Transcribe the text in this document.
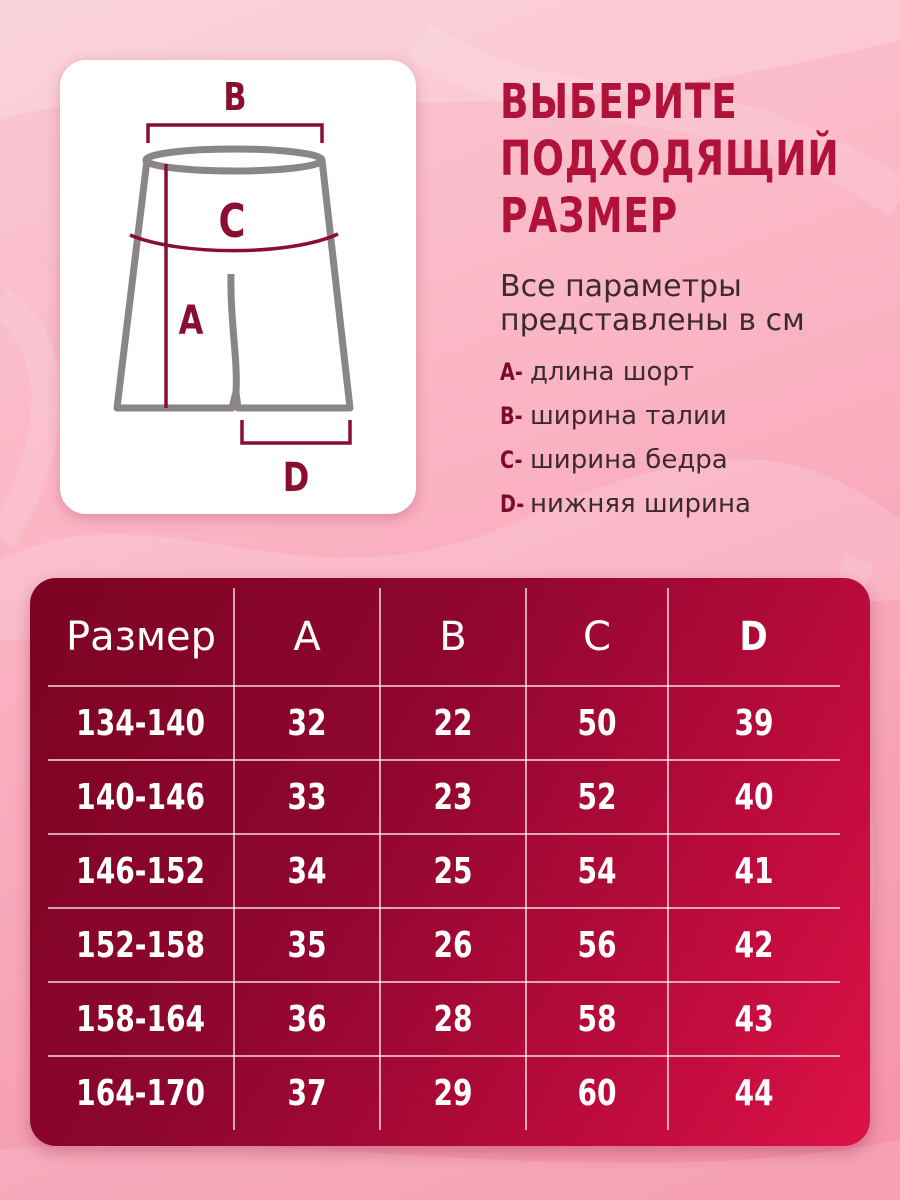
B
C
A
D
ВЫБЕРИТЕ
ПОДХОДЯЩИЙ
РАЗМЕР
Все параметры представлены в см
A- длина шорт
B- ширина талии
C- ширина бедра
D- нижняя ширина
Размер A	B	C	D
134-140 32	22	50	39
140-146 33	23	52	40
146-152 34	25	54	41
152-158 35	26	56	42
158-164 36	28	58	43
164-170 37	29	60	44
